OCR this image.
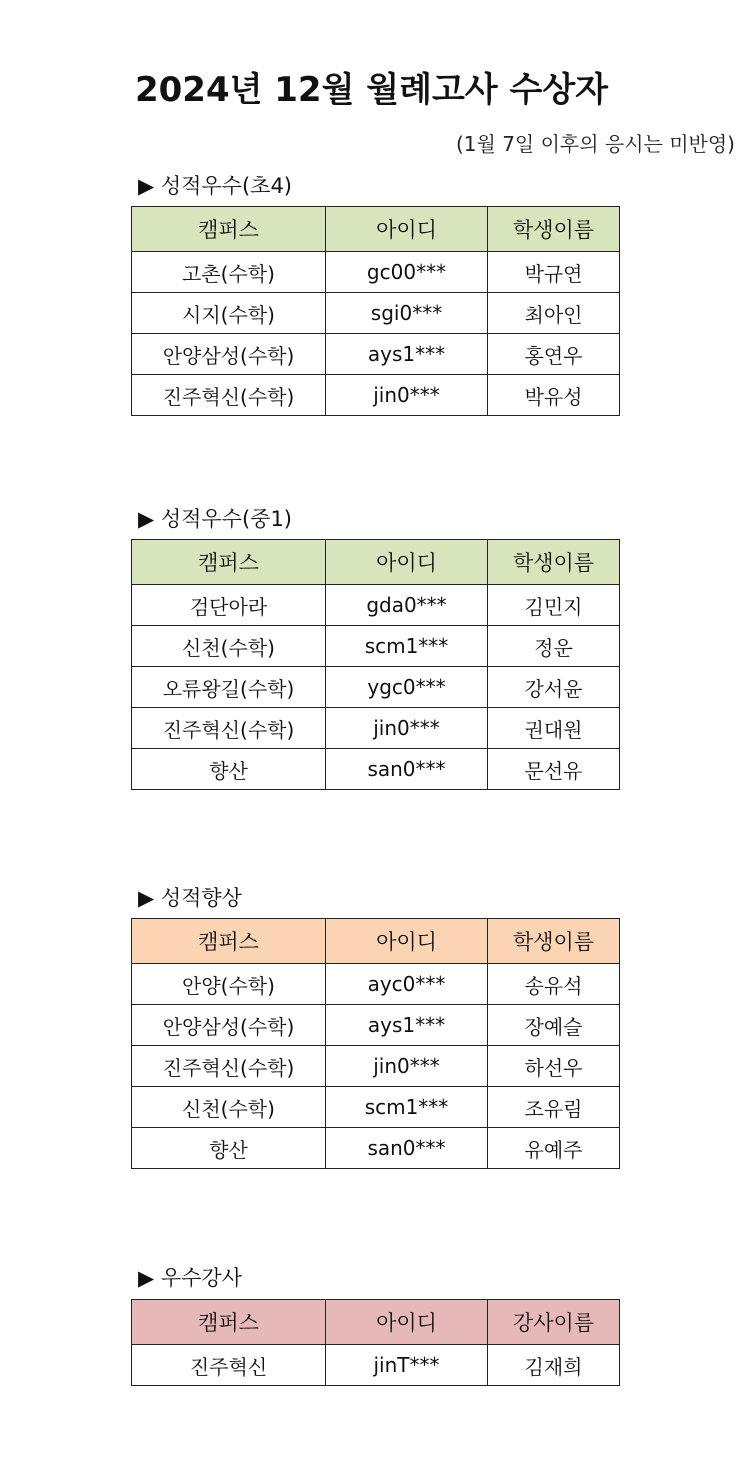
2024년 12월 월례고사 수상자
(1월 7일 이후의 응시는 미반영)
▶ 성적우수(초4)
캠퍼스	아이디	학생이름
고촌(수학)	gc00***	박규연
시지(수학)	sgi0***	최아인
안양삼성(수학)	ays1***	홍연우
진주혁신(수학)	jin0***	박유성
▶ 성적우수(중1)
캠퍼스	아이디	학생이름
검단아라	gda0***	김민지
신천(수학)	scm1***	정운
오류왕길(수학)	ygc0***	강서윤
진주혁신(수학)	jin0***	권대원
향산	san0***	문선유
▶ 성적향상
캠퍼스	아이디	학생이름
안양(수학)	ayc0***	송유석
안양삼성(수학)	ays1***	장예슬
진주혁신(수학)	jin0***	하선우
신천(수학)	scm1***	조유림
향산	san0***	유예주
▶ 우수강사
캠퍼스	아이디	강사이름
진주혁신	jinT***	김재희
